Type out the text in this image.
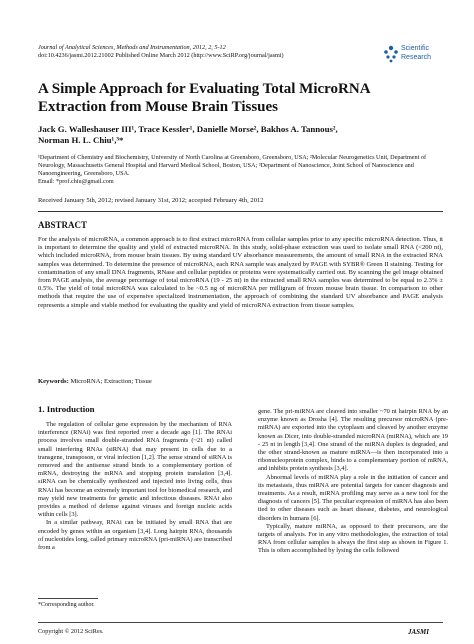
Journal of Analytical Sciences, Methods and Instrumentation, 2012, 2, 5-12
doi:10.4236/jasmi.2012.21002 Published Online March 2012 (http://www.SciRP.org/journal/jasmi)
Scientific
Research
A Simple Approach for Evaluating Total MicroRNA Extraction from Mouse Brain Tissues
Jack G. Walleshauser III¹, Trace Kessler¹, Danielle Morse², Bakhos A. Tannous²,
Norman H. L. Chiu¹,³*
¹Department of Chemistry and Biochemistry, University of North Carolina at Greensboro, Greensboro, USA; ²Molecular Neurogenetics Unit, Department of Neurology, Massachusetts General Hospital and Harvard Medical School, Boston, USA; ³Department of Nanoscience, Joint School of Nanoscience and Nanoengineering, Greensboro, USA.
Email: *prof.chiu@gmail.com
Received January 5th, 2012; revised January 31st, 2012; accepted February 4th, 2012
ABSTRACT
For the analysis of microRNA, a common approach is to first extract microRNA from cellular samples prior to any specific microRNA detection. Thus, it is important to determine the quality and yield of extracted microRNA. In this study, solid-phase extraction was used to isolate small RNA (<200 nt), which included microRNA, from mouse brain tissues. By using standard UV absorbance measurements, the amount of small RNA in the extracted RNA samples was determined. To determine the presence of microRNA, each RNA sample was analyzed by PAGE with SYBR® Green II staining. Testing for contamination of any small DNA fragments, RNase and cellular peptides or proteins were systematically carried out. By scanning the gel image obtained from PAGE analysis, the average percentage of total microRNA (19 - 25 nt) in the extracted small RNA samples was determined to be equal to 2.3% ± 0.5%. The yield of total microRNA was calculated to be ~0.5 ng of microRNA per milligram of frozen mouse brain tissue. In comparison to other methods that require the use of expensive specialized instrumentation, the approach of combining the standard UV absorbance and PAGE analysis represents a simple and viable method for evaluating the quality and yield of microRNA extraction from tissue samples.
Keywords: MicroRNA; Extraction; Tissue
1. Introduction

The regulation of cellular gene expression by the mechanism of RNA interference (RNAi) was first reported over a decade ago [1]. The RNAi process involves small double-stranded RNA fragments (~21 nt) called small interfering RNAs (siRNA) that may present in cells due to a transgene, transposon, or viral infection [1,2]. The sense strand of siRNA is removed and the antisense strand binds to a complementary portion of mRNA, destroying the mRNA and stopping protein translation [3,4]. siRNA can be chemically synthesized and injected into living cells, thus RNAi has become an extremely important tool for biomedical research, and may yield new treatments for genetic and infectious diseases. RNAi also provides a method of defense against viruses and foreign nucleic acids within cells [3].

In a similar pathway, RNAi can be initiated by small RNA that are encoded by genes within an organism [3,4]. Long hairpin RNA, thousands of nucleotides long, called primary microRNA (pri-miRNA) are transcribed from a

gene. The pri-miRNA are cleaved into smaller ~70 nt hairpin RNA by an enzyme known as Drosha [4]. The resulting precursor microRNA (pre-miRNA) are exported into the cytoplasm and cleaved by another enzyme known as Dicer, into double-stranded microRNA (miRNA), which are 19 - 25 nt in length [3,4]. One strand of the miRNA duplex is degraded, and the other strand-known as mature miRNA—is then incorporated into a ribonucleoprotein complex, binds to a complementary portion of mRNA, and inhibits protein synthesis [3,4].

Abnormal levels of miRNA play a role in the initiation of cancer and its metastasis, thus miRNA are potential targets for cancer diagnosis and treatments. As a result, miRNA profiling may serve as a new tool for the diagnosis of cancers [5]. The peculiar expression of miRNA has also been tied to other diseases such as heart disease, diabetes, and neurological disorders in humans [6].

Typically, mature miRNA, as opposed to their precursors, are the targets of analysis. For in any vitro methodologies, the extraction of total RNA from cellular samples is always the first step as shown in Figure 1. This is often accomplished by lysing the cells followed

*Corresponding author.
Copyright © 2012 SciRes.	JASMI
